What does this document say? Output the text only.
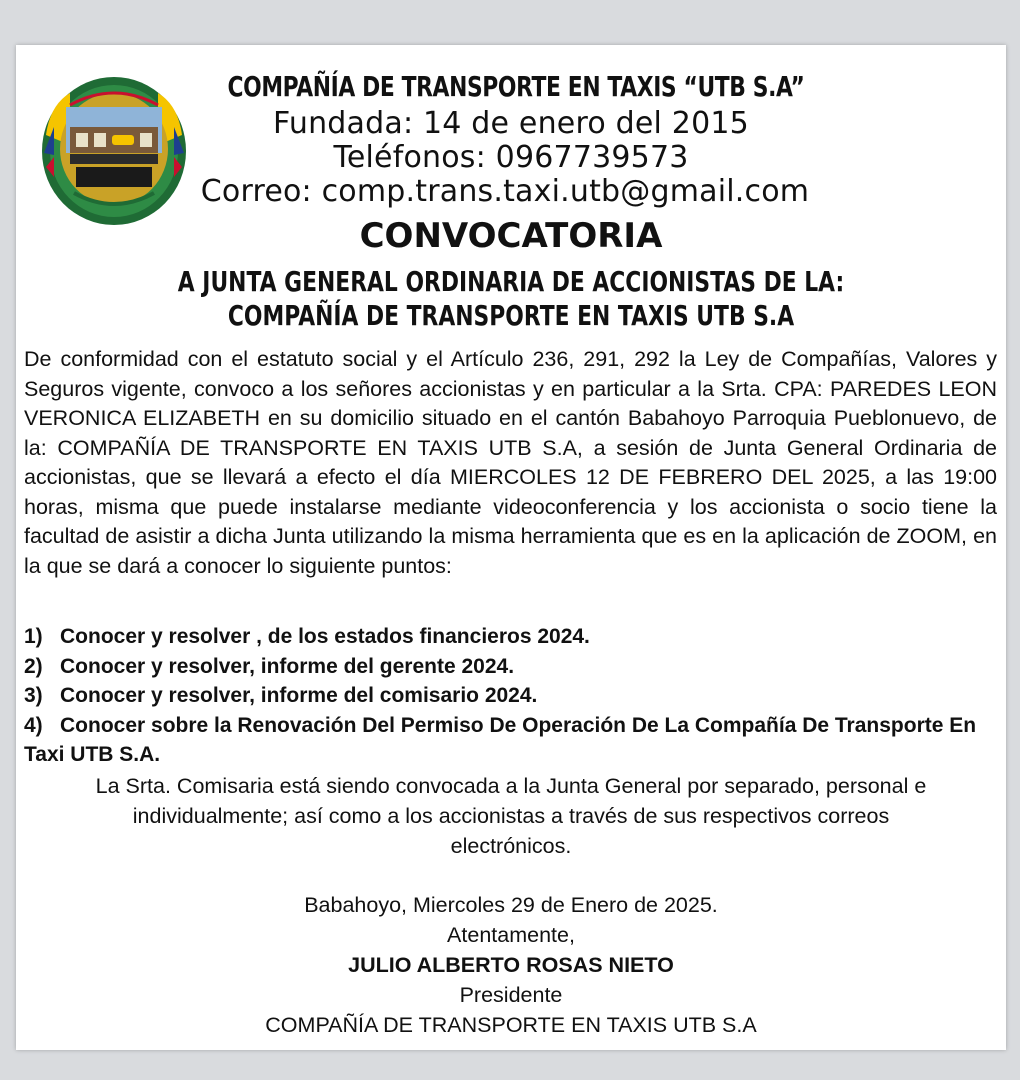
COMPAÑÍA DE TRANSPORTE EN TAXIS “UTB S.A”
Fundada: 14 de enero del 2015
Teléfonos: 0967739573
Correo: comp.trans.taxi.utb@gmail.com
CONVOCATORIA
A JUNTA GENERAL ORDINARIA DE ACCIONISTAS DE LA:
COMPAÑÍA DE TRANSPORTE EN TAXIS UTB S.A
De conformidad con el estatuto social y el Artículo 236, 291, 292 la Ley de Compañías, Valores y Seguros vigente, convoco a los señores accionistas y en particular a la Srta. CPA: PAREDES LEON VERONICA ELIZABETH en su domicilio situado en el cantón Babahoyo Parroquia Pueblonuevo, de la: COMPAÑÍA DE TRANSPORTE EN TAXIS UTB S.A, a sesión de Junta General Ordinaria de accionistas, que se llevará a efecto el día MIERCOLES 12 DE FEBRERO DEL 2025, a las 19:00 horas, misma que puede instalarse mediante videoconferencia y los accionista o socio tiene la facultad de asistir a dicha Junta utilizando la misma herramienta que es en la aplicación de ZOOM, en la que se dará a conocer lo siguiente puntos:
1) Conocer y resolver , de los estados financieros 2024.
2) Conocer y resolver, informe del gerente 2024.
3) Conocer y resolver, informe del comisario 2024.
4) Conocer sobre la Renovación Del Permiso De Operación De La Compañía De Transporte En Taxi UTB S.A.
La Srta. Comisaria está siendo convocada a la Junta General por separado, personal e
individualmente; así como a los accionistas a través de sus respectivos correos
electrónicos.
Babahoyo, Miercoles 29 de Enero de 2025.
Atentamente,
JULIO ALBERTO ROSAS NIETO
Presidente
COMPAÑÍA DE TRANSPORTE EN TAXIS UTB S.A
